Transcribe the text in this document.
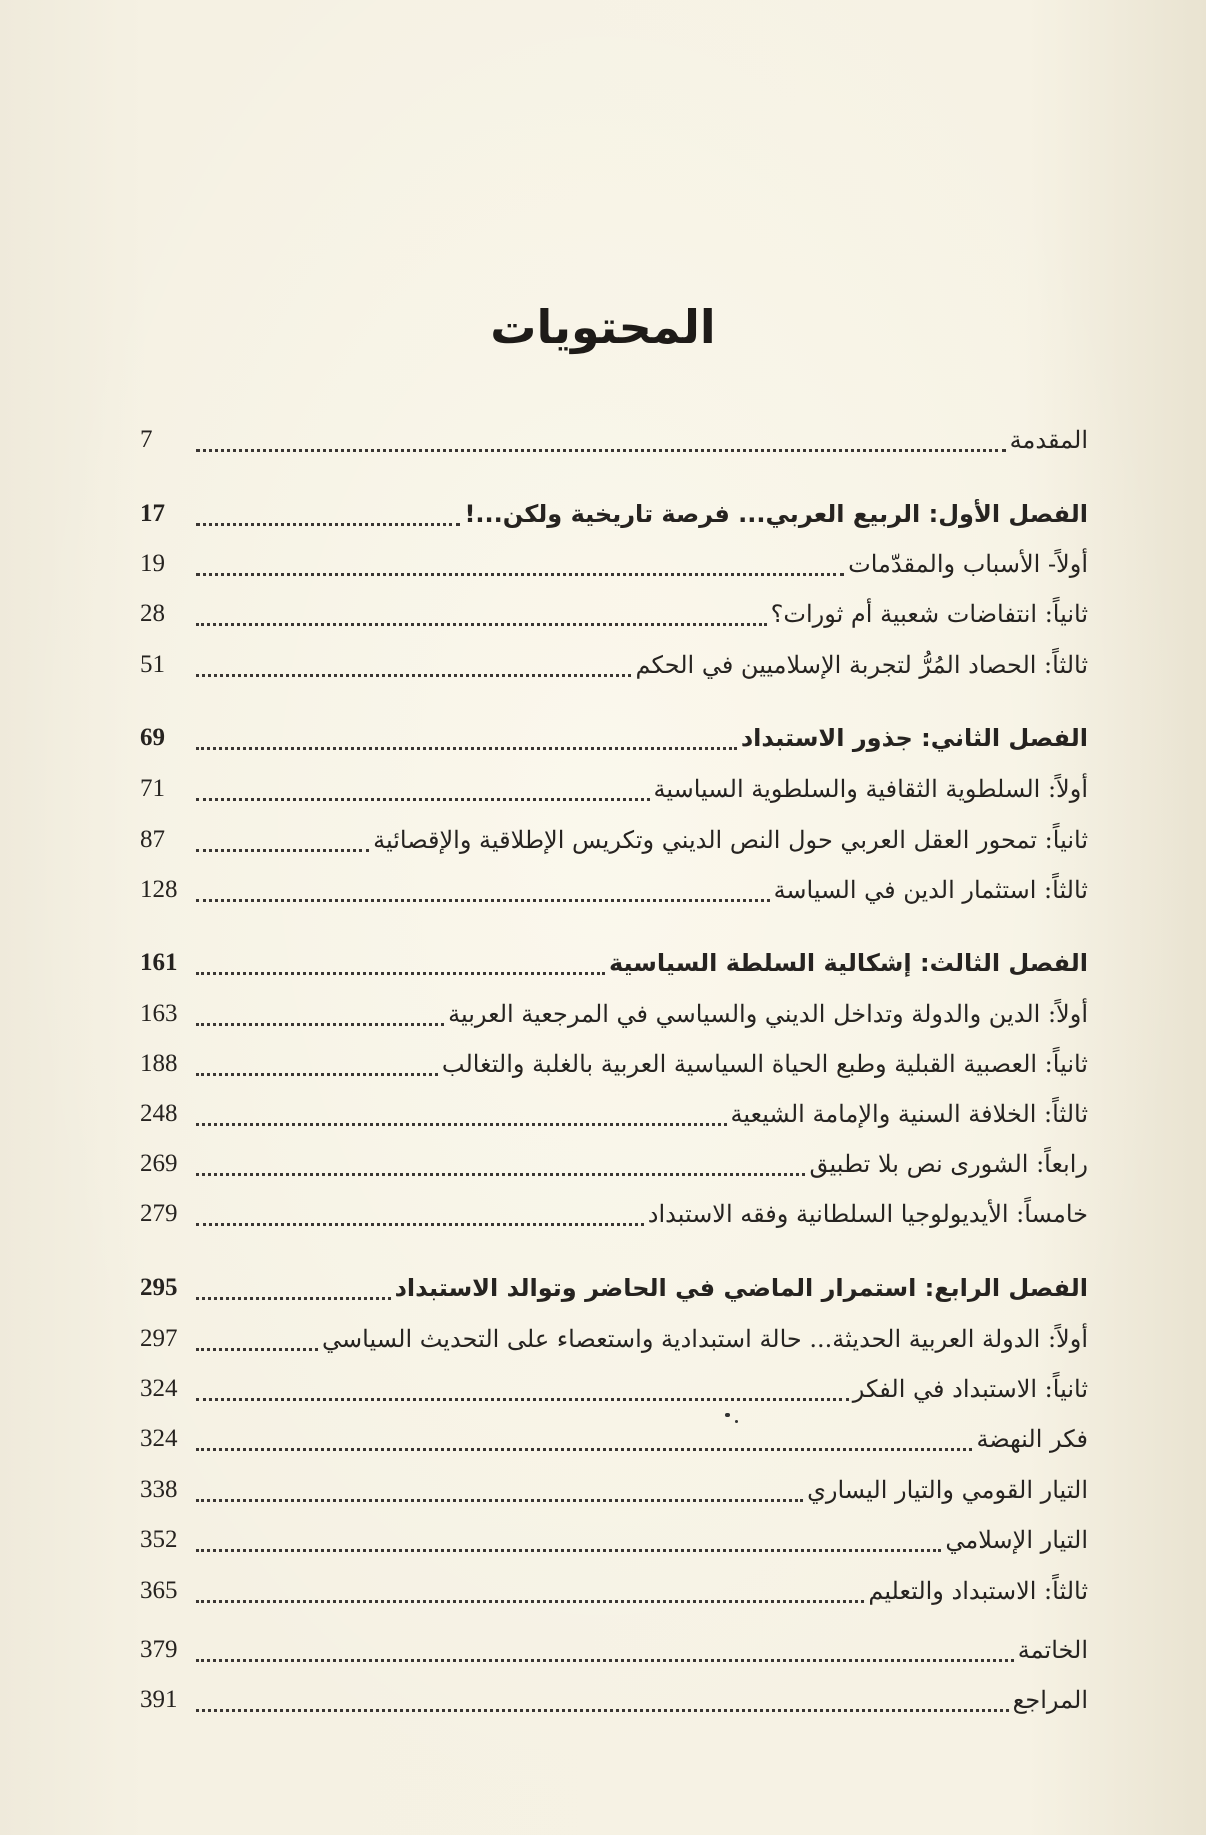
المحتويات
المقدمة
7
الفصل الأول: الربيع العربي... فرصة تاريخية ولكن...!
17
أولاً- الأسباب والمقدّمات
19
ثانياً: انتفاضات شعبية أم ثورات؟
28
ثالثاً: الحصاد المُرُّ لتجربة الإسلاميين في الحكم
51
الفصل الثاني: جذور الاستبداد
69
أولاً: السلطوية الثقافية والسلطوية السياسية
71
ثانياً: تمحور العقل العربي حول النص الديني وتكريس الإطلاقية والإقصائية
87
ثالثاً: استثمار الدين في السياسة
128
الفصل الثالث: إشكالية السلطة السياسية
161
أولاً: الدين والدولة وتداخل الديني والسياسي في المرجعية العربية
163
ثانياً: العصبية القبلية وطبع الحياة السياسية العربية بالغلبة والتغالب
188
ثالثاً: الخلافة السنية والإمامة الشيعية
248
رابعاً: الشورى نص بلا تطبيق
269
خامساً: الأيديولوجيا السلطانية وفقه الاستبداد
279
الفصل الرابع: استمرار الماضي في الحاضر وتوالد الاستبداد
295
أولاً: الدولة العربية الحديثة... حالة استبدادية واستعصاء على التحديث السياسي
297
ثانياً: الاستبداد في الفكر
324
فكر النهضة
324
التيار القومي والتيار اليساري
338
التيار الإسلامي
352
ثالثاً: الاستبداد والتعليم
365
الخاتمة
379
المراجع
391
